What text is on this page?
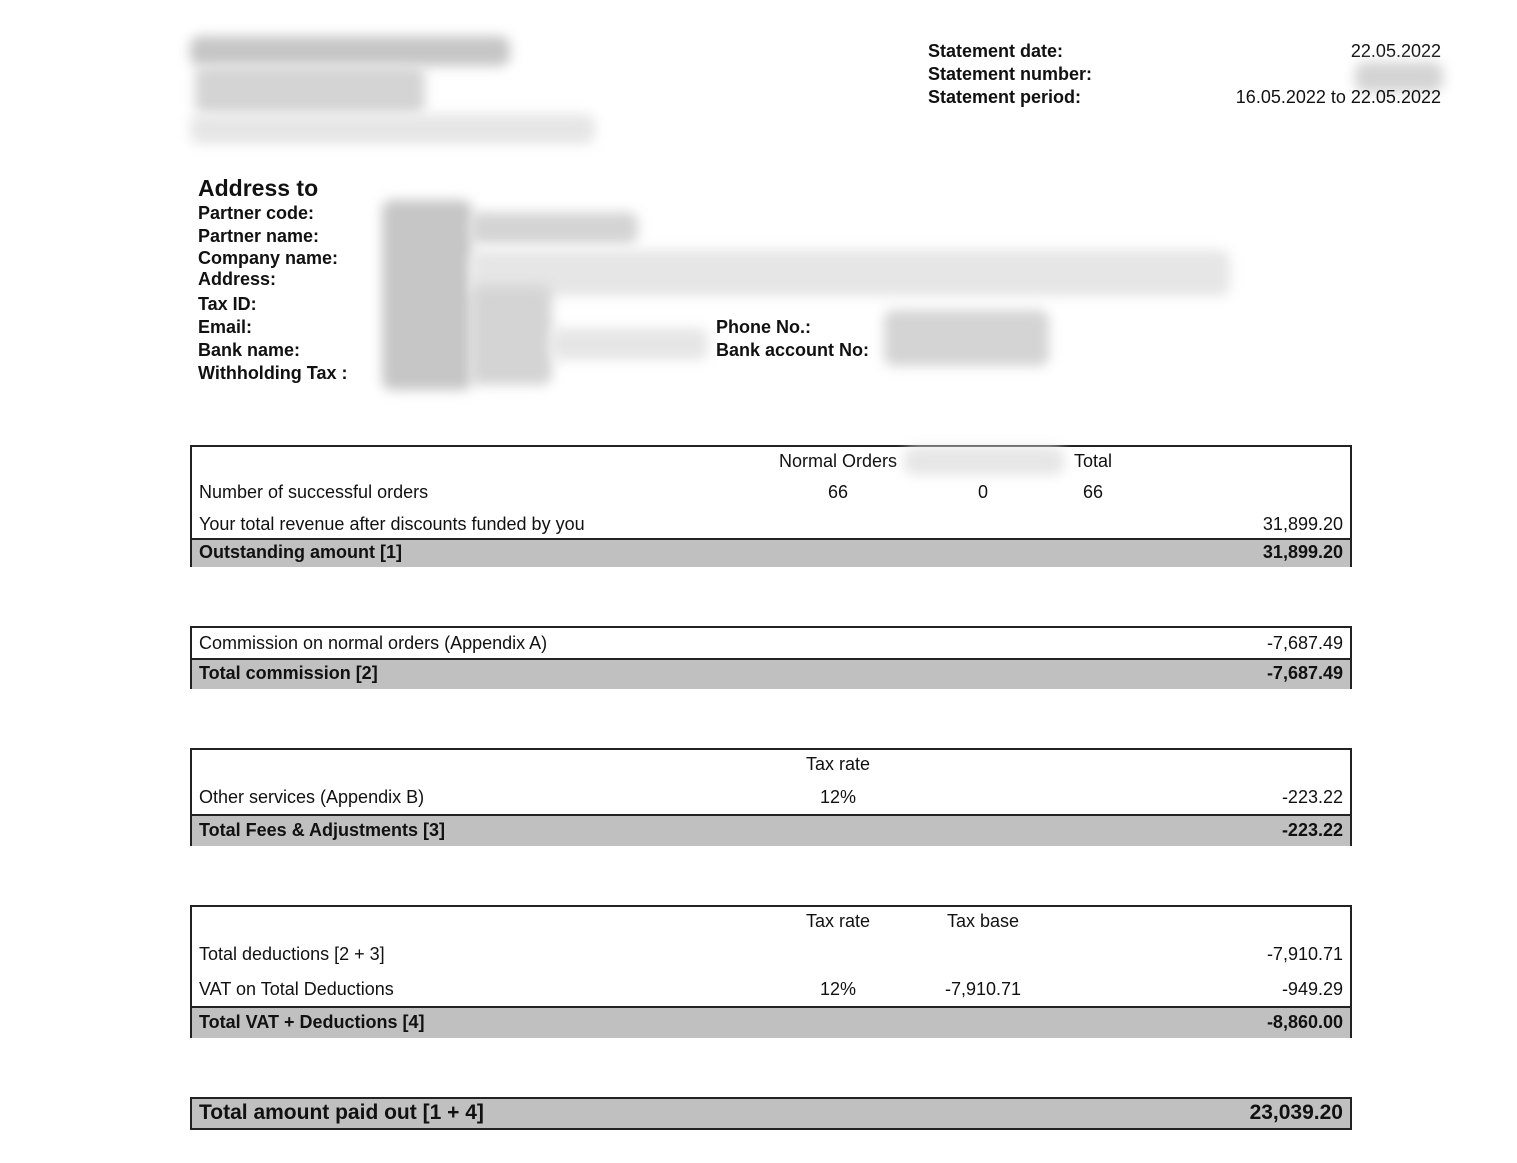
Statement date:	22.05.2022
Statement number:
Statement period:	16.05.2022 to 22.05.2022
Address to
Partner code:
Partner name:
Company name:
Address:
Tax ID:
Email:
Bank name:
Withholding Tax :
Phone No.:
Bank account No:
Normal Orders	Total
Number of successful orders	66	0	66
Your total revenue after discounts funded by you	31,899.20
Outstanding amount [1]	31,899.20
Commission on normal orders (Appendix A)	-7,687.49
Total commission [2]	-7,687.49
Tax rate
Other services (Appendix B)	12%	-223.22
Total Fees & Adjustments [3]	-223.22
Tax rate	Tax base
Total deductions [2 + 3]	-7,910.71
VAT on Total Deductions	12%	-7,910.71	-949.29
Total VAT + Deductions [4]	-8,860.00
Total amount paid out [1 + 4]	23,039.20
